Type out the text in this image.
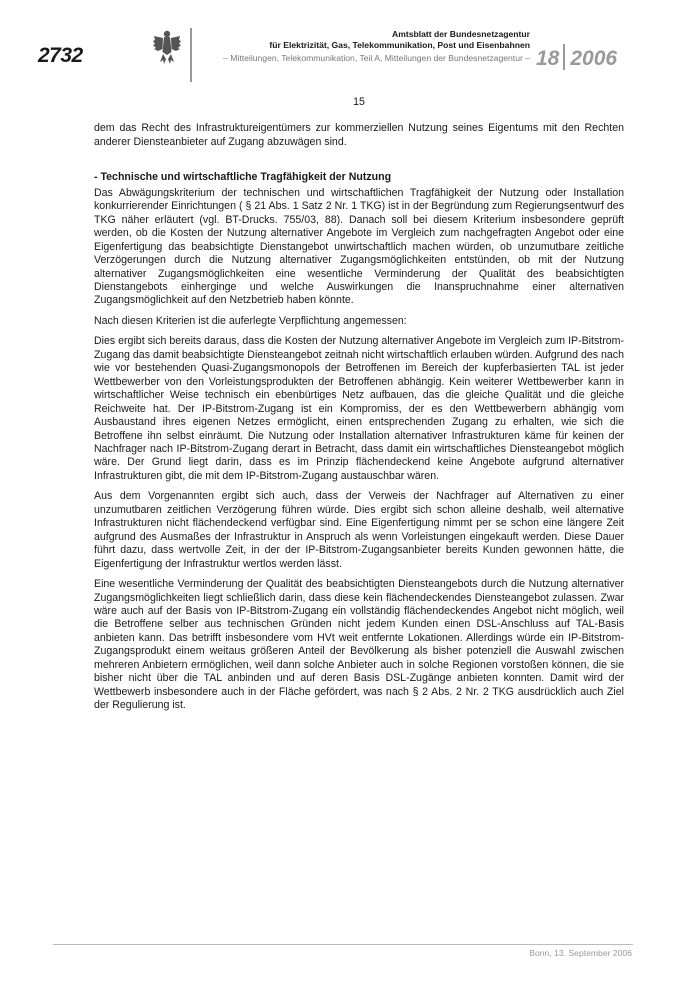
2732
Amtsblatt der Bundesnetzagentur
für Elektrizität, Gas, Telekommunikation, Post und Eisenbahnen
– Mitteilungen, Telekommunikation, Teil A, Mitteilungen der Bundesnetzagentur – 18 2006
15

dem das Recht des Infrastruktureigentümers zur kommerziellen Nutzung seines Eigentums mit den Rechten anderer Diensteanbieter auf Zugang abzuwägen sind.

- Technische und wirtschaftliche Tragfähigkeit der Nutzung

Das Abwägungskriterium der technischen und wirtschaftlichen Tragfähigkeit der Nutzung oder Installation konkurrierender Einrichtungen ( § 21 Abs. 1 Satz 2 Nr. 1 TKG) ist in der Begründung zum Regierungsentwurf des TKG näher erläutert (vgl. BT-Drucks. 755/03, 88). Danach soll bei diesem Kriterium insbesondere geprüft werden, ob die Kosten der Nutzung alternativer Angebote im Vergleich zum nachgefragten Angebot oder eine Eigenfertigung das beabsichtigte Dienstangebot unwirtschaftlich machen würden, ob unzumutbare zeitliche Verzögerungen durch die Nutzung alternativer Zugangsmöglichkeiten entstünden, ob mit der Nutzung alternativer Zugangsmöglichkeiten eine wesentliche Verminderung der Qualität des beabsichtigten Dienstangebots einherginge und welche Auswirkungen die Inanspruchnahme einer alternativen Zugangsmöglichkeit auf den Netzbetrieb haben könnte.

Nach diesen Kriterien ist die auferlegte Verpflichtung angemessen:

Dies ergibt sich bereits daraus, dass die Kosten der Nutzung alternativer Angebote im Vergleich zum IP-Bitstrom-Zugang das damit beabsichtigte Diensteangebot zeitnah nicht wirtschaftlich erlauben würden. Aufgrund des nach wie vor bestehenden Quasi-Zugangsmonopols der Betroffenen im Bereich der kupferbasierten TAL ist jeder Wettbewerber von den Vorleistungsprodukten der Betroffenen abhängig. Kein weiterer Wettbewerber kann in wirtschaftlicher Weise technisch ein ebenbürtiges Netz aufbauen, das die gleiche Qualität und die gleiche Reichweite hat. Der IP-Bitstrom-Zugang ist ein Kompromiss, der es den Wettbewerbern abhängig vom Ausbaustand ihres eigenen Netzes ermöglicht, einen entsprechenden Zugang zu erhalten, wie sich die Betroffene ihn selbst einräumt. Die Nutzung oder Installation alternativer Infrastrukturen käme für keinen der Nachfrager nach IP-Bitstrom-Zugang derart in Betracht, dass damit ein wirtschaftliches Diensteangebot möglich wäre. Der Grund liegt darin, dass es im Prinzip flächendeckend keine Angebote aufgrund alternativer Infrastrukturen gibt, die mit dem IP-Bitstrom-Zugang austauschbar wären.

Aus dem Vorgenannten ergibt sich auch, dass der Verweis der Nachfrager auf Alternativen zu einer unzumutbaren zeitlichen Verzögerung führen würde. Dies ergibt sich schon alleine deshalb, weil alternative Infrastrukturen nicht flächendeckend verfügbar sind. Eine Eigenfertigung nimmt per se schon eine längere Zeit aufgrund des Ausmaßes der Infrastruktur in Anspruch als wenn Vorleistungen eingekauft werden. Diese Dauer führt dazu, dass wertvolle Zeit, in der der IP-Bitstrom-Zugangsanbieter bereits Kunden gewonnen hätte, die Eigenfertigung der Infrastruktur wertlos werden lässt.

Eine wesentliche Verminderung der Qualität des beabsichtigten Diensteangebots durch die Nutzung alternativer Zugangsmöglichkeiten liegt schließlich darin, dass diese kein flächendeckendes Diensteangebot zulassen. Zwar wäre auch auf der Basis von IP-Bitstrom-Zugang ein vollständig flächendeckendes Angebot nicht möglich, weil die Betroffene selber aus technischen Gründen nicht jedem Kunden einen DSL-Anschluss auf TAL-Basis anbieten kann. Das betrifft insbesondere vom HVt weit entfernte Lokationen. Allerdings würde ein IP-Bitstrom-Zugangsprodukt einem weitaus größeren Anteil der Bevölkerung als bisher potenziell die Auswahl zwischen mehreren Anbietern ermöglichen, weil dann solche Anbieter auch in solche Regionen vorstoßen können, die sie bisher nicht über die TAL anbinden und auf deren Basis DSL-Zugänge anbieten konnten. Damit wird der Wettbewerb insbesondere auch in der Fläche gefördert, was nach § 2 Abs. 2 Nr. 2 TKG ausdrücklich auch Ziel der Regulierung ist.

Bonn, 13. September 2006
